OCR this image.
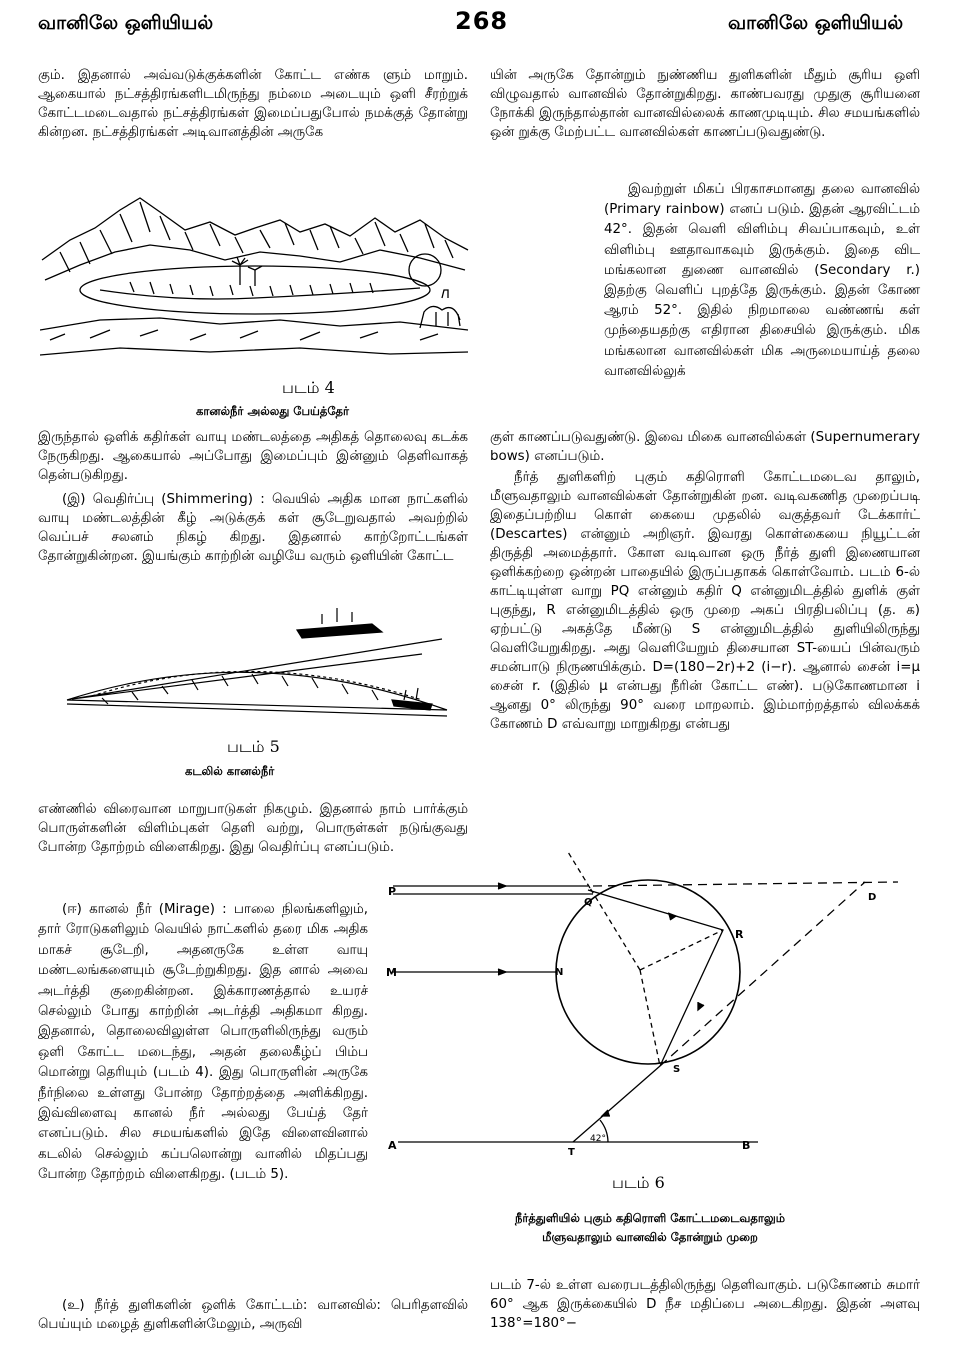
வானிலே ஒளியியல்	268	வானிலே ஒளியியல்

கும். இதனால் அவ்வடுக்குக்களின் கோட்ட எண்க ளும் மாறும். ஆகையால் நட்சத்திரங்களிடமிருந்து நம்மை அடையும் ஒளி சீரற்றுக் கோட்டமடைவதால் நட்சத்திரங்கள் இமைப்பதுபோல் நமக்குத் தோன்று கின்றன. நட்சத்திரங்கள் அடிவானத்தின் அருகே

படம் 4
கானல்நீர் அல்லது பேய்த்தேர்

இருந்தால் ஒளிக் கதிர்கள் வாயு மண்டலத்தை அதிகத் தொலைவு கடக்க நேருகிறது. ஆகையால் அப்போது இமைப்பும் இன்னும் தெளிவாகத் தென்படுகிறது.

(இ) வெதிர்ப்பு (Shimmering) : வெயில் அதிக மான நாட்களில் வாயு மண்டலத்தின் கீழ் அடுக்குக் கள் சூடேறுவதால் அவற்றில் வெப்பச் சலனம் நிகழ் கிறது. இதனால் காற்றோட்டங்கள் தோன்றுகின்றன. இயங்கும் காற்றின் வழியே வரும் ஒளியின் கோட்ட

படம் 5
கடலில் கானல்நீர்

எண்ணில் விரைவான மாறுபாடுகள் நிகழும். இதனால் நாம் பார்க்கும் பொருள்களின் விளிம்புகள் தெளி வற்று, பொருள்கள் நடுங்குவது போன்ற தோற்றம் விளைகிறது. இது வெதிர்ப்பு எனப்படும்.

(ஈ) கானல் நீர் (Mirage) : பாலை நிலங்களிலும், தார் ரோடுகளிலும் வெயில் நாட்களில் தரை மிக அதிக மாகச் சூடேறி, அதனருகே உள்ள வாயு மண்டலங்களையும் சூடேற்றுகிறது. இத னால் அவை அடர்த்தி குறைகின்றன. இக்காரணத்தால் உயரச் செல்லும் போது காற்றின் அடர்த்தி அதிகமா கிறது. இதனால், தொலைவிலுள்ள பொருளிலிருந்து வரும் ஒளி கோட்ட மடைந்து, அதன் தலைகீழ்ப் பிம்ப மொன்று தெரியும் (படம் 4). இது பொருளின் அருகே நீர்நிலை உள்ளது போன்ற தோற்றத்தை அளிக்கிறது. இவ்விளைவு கானல் நீர் அல்லது பேய்த் தேர் எனப்படும். சில சமயங்களில் இதே விளைவினால் கடலில் செல்லும் கப்பலொன்று வானில் மிதப்பது போன்ற தோற்றம் விளைகிறது. (படம் 5).

(உ) நீர்த் துளிகளின் ஒளிக் கோட்டம்: வானவில்: பெரிதளவில் பெய்யும் மழைத் துளிகளின்மேலும், அருவி

யின் அருகே தோன்றும் நுண்ணிய துளிகளின் மீதும் சூரிய ஒளி விழுவதால் வானவில் தோன்றுகிறது. காண்பவரது முதுகு சூரியனை நோக்கி இருந்தால்தான் வானவில்லைக் காணமுடியும். சில சமயங்களில் ஒன் றுக்கு மேற்பட்ட வானவில்கள் காணப்படுவதுண்டு.

இவற்றுள் மிகப் பிரகாசமானது தலை வானவில் (Primary rainbow) எனப் படும். இதன் ஆரவிட்டம் 42°. இதன் வெளி விளிம்பு சிவப்பாகவும், உள் விளிம்பு ஊதாவாகவும் இருக்கும். இதை விட மங்கலான துணை வானவில் (Secondary r.) இதற்கு வெளிப் புறத்தே இருக்கும். இதன் கோண ஆரம் 52°. இதில் நிறமாலை வண்ணங் கள் முந்தையதற்கு எதிரான திசையில் இருக்கும். மிக மங்கலான வானவில்கள் மிக அருமையாய்த் தலை வானவில்லுக்

குள் காணப்படுவதுண்டு. இவை மிகை வானவில்கள் (Supernumerary bows) எனப்படும்.

நீர்த் துளிகளிற் புகும் கதிரொளி கோட்டமடைவ தாலும், மீளுவதாலும் வானவில்கள் தோன்றுகின் றன. வடிவகணித முறைப்படி இதைப்பற்றிய கொள் கையை முதலில் வகுத்தவர் டேக்கார்ட் (Descartes) என்னும் அறிஞர். இவரது கொள்கையை நியூட்டன் திருத்தி அமைத்தார். கோள வடிவான ஒரு நீர்த் துளி இணையான ஒளிக்கற்றை ஒன்றன் பாதையில் இருப்பதாகக் கொள்வோம். படம் 6-ல் காட்டியுள்ள வாறு PQ என்னும் கதிர் Q என்னுமிடத்தில் துளிக் குள் புகுந்து, R என்னுமிடத்தில் ஒரு முறை அகப் பிரதிபலிப்பு (த. க) ஏற்பட்டு அகத்தே மீண்டு S என்னுமிடத்தில் துளியிலிருந்து வெளியேறுகிறது. அது வெளியேறும் திசையான ST-யைப் பின்வரும் சமன்பாடு நிருணயிக்கும். D=(180−2r)+2 (i−r). ஆனால் சைன் i=μ சைன் r. (இதில் μ என்பது நீரின் கோட்ட எண்). படுகோணமான i ஆனது 0° லிருந்து 90° வரை மாறலாம். இம்மாற்றத்தால் விலக்கக் கோணம் D எவ்வாறு மாறுகிறது என்பது

P
Q
R
S
T
M	N
A	B
D
42°
படம் 6
நீர்த்துளியில் புகும் கதிரொளி கோட்டமடைவதாலும்
மீளுவதாலும் வானவில் தோன்றும் முறை

படம் 7-ல் உள்ள வரைபடத்திலிருந்து தெளிவாகும். படுகோணம் சுமார் 60° ஆக இருக்கையில் D நீச மதிப்பை அடைகிறது. இதன் அளவு 138°=180°−
